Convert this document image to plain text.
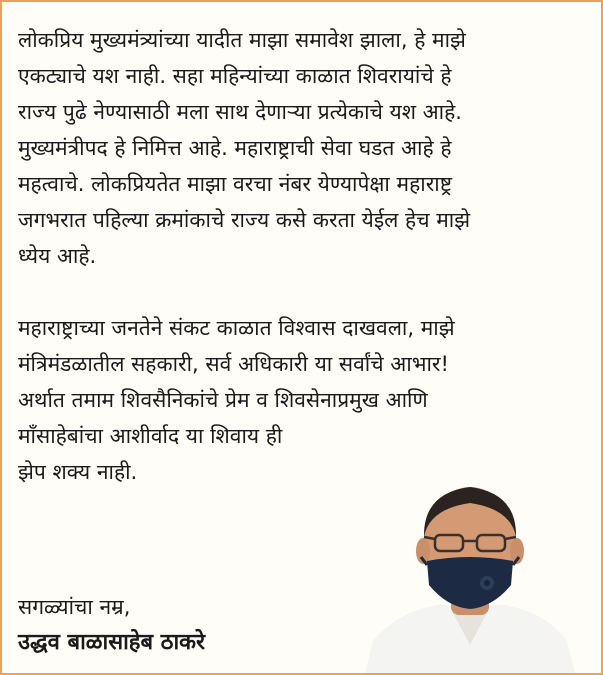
लोकप्रिय मुख्यमंत्र्यांच्या यादीत माझा समावेश झाला, हे माझे

एकट्याचे यश नाही. सहा महिन्यांच्या काळात शिवरायांचे हे

राज्य पुढे नेण्यासाठी मला साथ देणाऱ्या प्रत्येकाचे यश आहे.

मुख्यमंत्रीपद हे निमित्त आहे. महाराष्ट्राची सेवा घडत आहे हे

महत्वाचे. लोकप्रियतेत माझा वरचा नंबर येण्यापेक्षा महाराष्ट्र

जगभरात पहिल्या क्रमांकाचे राज्य कसे करता येईल हेच माझे

ध्येय आहे.

महाराष्ट्राच्या जनतेने संकट काळात विश्वास दाखवला, माझे

मंत्रिमंडळातील सहकारी, सर्व अधिकारी या सर्वांचे आभार!

अर्थात तमाम शिवसैनिकांचे प्रेम व शिवसेनाप्रमुख आणि

माँसाहेबांचा आशीर्वाद या शिवाय ही

झेप शक्य नाही.

सगळ्यांचा नम्र,
उद्धव बाळासाहेब ठाकरे
